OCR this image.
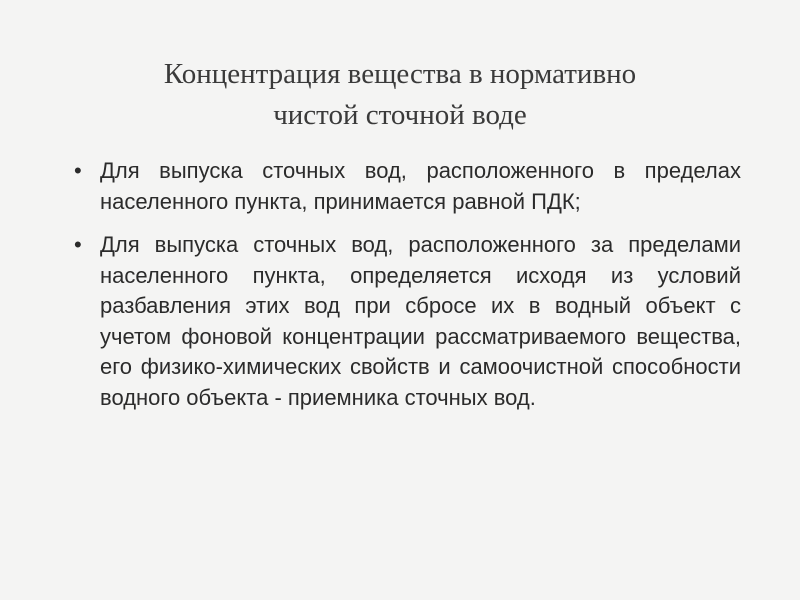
Концентрация вещества в нормативно
чистой сточной воде
• Для выпуска сточных вод, расположенного в пределах населенного пункта, принимается равной ПДК;
• Для выпуска сточных вод, расположенного за пределами населенного пункта, определяется исходя из условий разбавления этих вод при сбросе их в водный объект с учетом фоновой концентрации рассматриваемого вещества, его физико-химических свойств и самоочистной способности водного объекта - приемника сточных вод.
